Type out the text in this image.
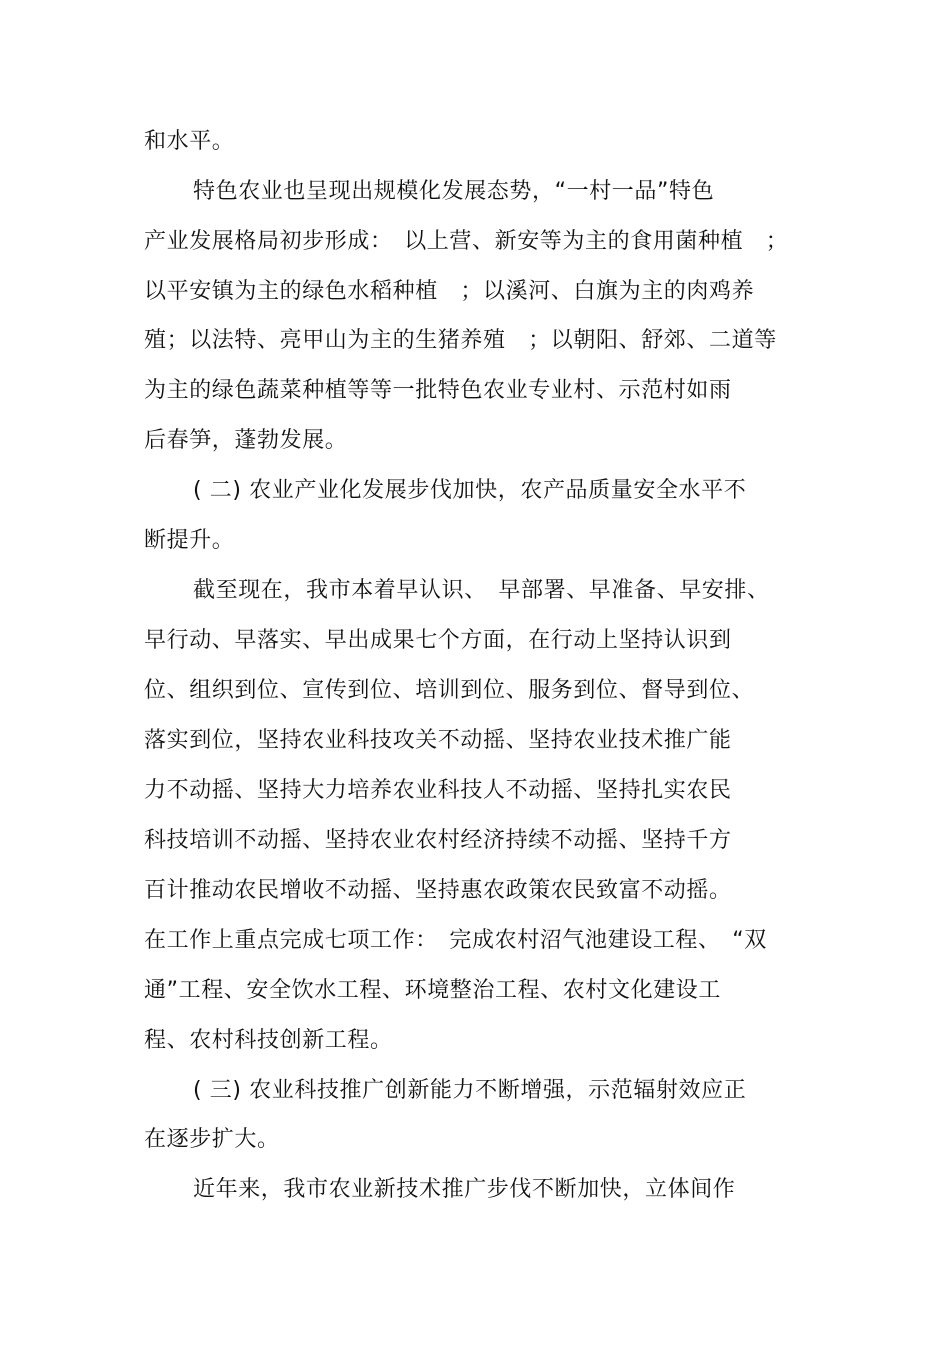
和水平。
特色农业也呈现出规模化发展态势，“一村一品”特色
产业发展格局初步形成：　以上营、新安等为主的食用菌种植　；
以平安镇为主的绿色水稻种植　；以溪河、白旗为主的肉鸡养
殖；以法特、亮甲山为主的生猪养殖　；以朝阳、舒郊、二道等
为主的绿色蔬菜种植等等一批特色农业专业村、示范村如雨
后春笋，蓬勃发展。
( 二) 农业产业化发展步伐加快，农产品质量安全水平不
断提升。
截至现在，我市本着早认识、　早部署、早准备、早安排、
早行动、早落实、早出成果七个方面，在行动上坚持认识到
位、组织到位、宣传到位、培训到位、服务到位、督导到位、
落实到位，坚持农业科技攻关不动摇、坚持农业技术推广能
力不动摇、坚持大力培养农业科技人不动摇、坚持扎实农民
科技培训不动摇、坚持农业农村经济持续不动摇、坚持千方
百计推动农民增收不动摇、坚持惠农政策农民致富不动摇。
在工作上重点完成七项工作：　完成农村沼气池建设工程、　“双
通”工程、安全饮水工程、环境整治工程、农村文化建设工
程、农村科技创新工程。
( 三) 农业科技推广创新能力不断增强，示范辐射效应正
在逐步扩大。
近年来，我市农业新技术推广步伐不断加快，立体间作
